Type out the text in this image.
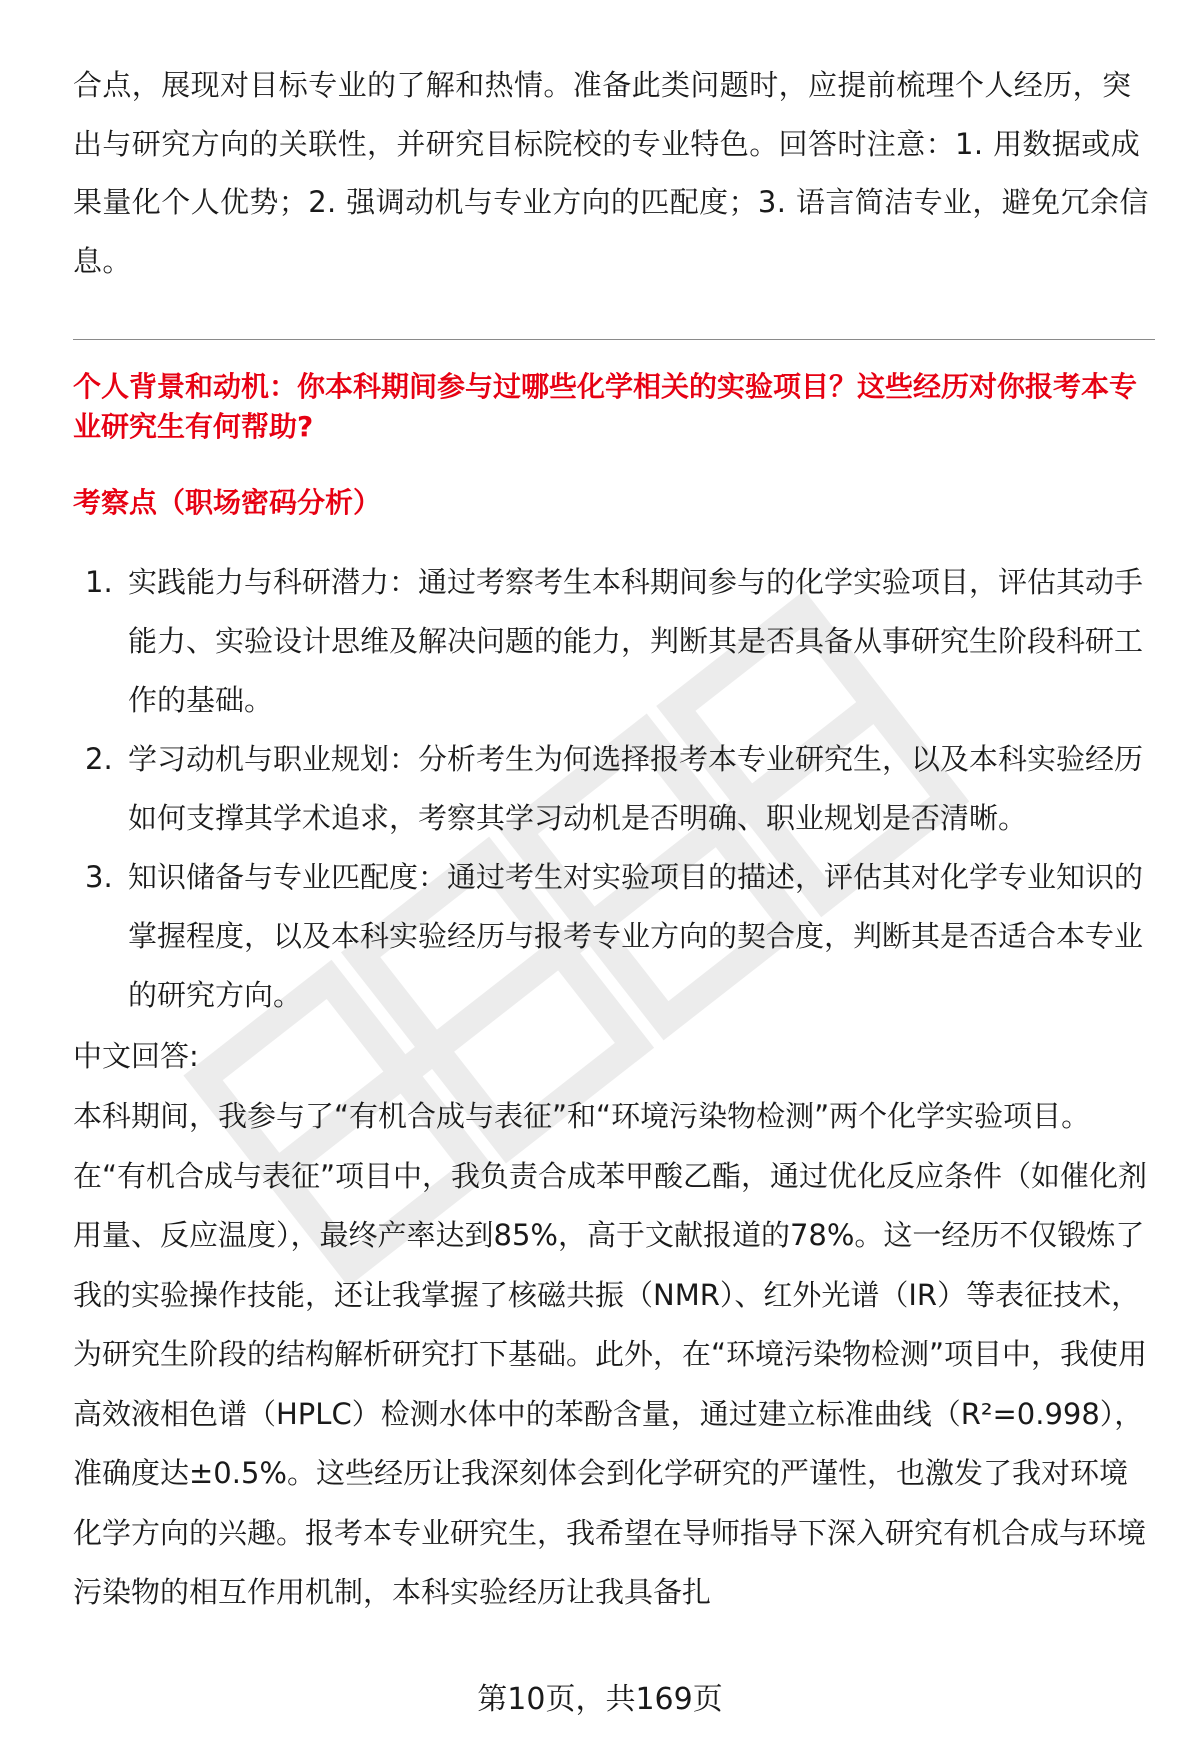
合点，展现对目标专业的了解和热情。准备此类问题时，应提前梳理个人经历，突出与研究方向的关联性，并研究目标院校的专业特色。回答时注意：1. 用数据或成果量化个人优势；2. 强调动机与专业方向的匹配度；3. 语言简洁专业，避免冗余信息。

个人背景和动机：你本科期间参与过哪些化学相关的实验项目？这些经历对你报考本专业研究生有何帮助?

考察点（职场密码分析）

1. 实践能力与科研潜力：通过考察考生本科期间参与的化学实验项目，评估其动手能力、实验设计思维及解决问题的能力，判断其是否具备从事研究生阶段科研工作的基础。
2. 学习动机与职业规划：分析考生为何选择报考本专业研究生，以及本科实验经历如何支撑其学术追求，考察其学习动机是否明确、职业规划是否清晰。
3. 知识储备与专业匹配度：通过考生对实验项目的描述，评估其对化学专业知识的掌握程度，以及本科实验经历与报考专业方向的契合度，判断其是否适合本专业的研究方向。

中文回答:

本科期间，我参与了“有机合成与表征”和“环境污染物检测”两个化学实验项目。在“有机合成与表征”项目中，我负责合成苯甲酸乙酯，通过优化反应条件（如催化剂用量、反应温度），最终产率达到85%，高于文献报道的78%。这一经历不仅锻炼了我的实验操作技能，还让我掌握了核磁共振（NMR）、红外光谱（IR）等表征技术，为研究生阶段的结构解析研究打下基础。此外，在“环境污染物检测”项目中，我使用高效液相色谱（HPLC）检测水体中的苯酚含量，通过建立标准曲线（R²=0.998），准确度达±0.5%。这些经历让我深刻体会到化学研究的严谨性，也激发了我对环境化学方向的兴趣。报考本专业研究生，我希望在导师指导下深入研究有机合成与环境污染物的相互作用机制，本科实验经历让我具备扎

第10页，共169页
